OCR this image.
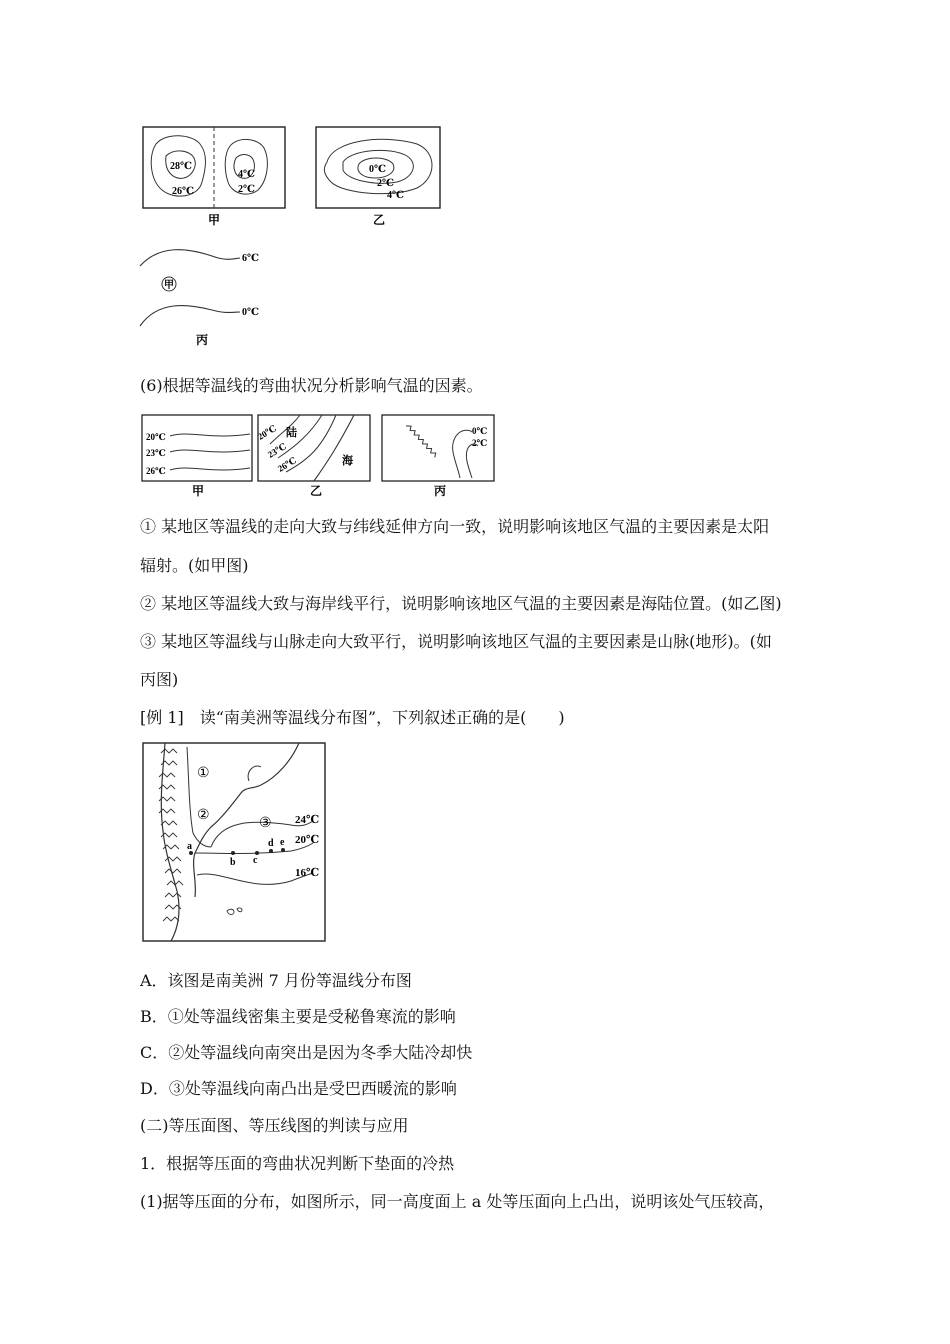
28℃
26℃
4℃
2℃
甲
0℃
2℃
4℃
乙
甲
6℃
0℃
丙
(6)根据等温线的弯曲状况分析影响气温的因素。
20℃
23℃
26℃
甲
20℃
23℃
26℃
陆
海
乙
0℃
2℃
丙
① 某地区等温线的走向大致与纬线延伸方向一致，说明影响该地区气温的主要因素是太阳
辐射。(如甲图)
② 某地区等温线大致与海岸线平行，说明影响该地区气温的主要因素是海陆位置。(如乙图)
③ 某地区等温线与山脉走向大致平行，说明影响该地区气温的主要因素是山脉(地形)。(如
丙图)
[例 1]　读“南美洲等温线分布图”，下列叙述正确的是(　　)
①
②
③ 24℃
20℃
16℃
a
b c
d e
A．该图是南美洲 7 月份等温线分布图
B．①处等温线密集主要是受秘鲁寒流的影响
C．②处等温线向南突出是因为冬季大陆冷却快
D．③处等温线向南凸出是受巴西暖流的影响
(二)等压面图、等压线图的判读与应用
1．根据等压面的弯曲状况判断下垫面的冷热
(1)据等压面的分布，如图所示，同一高度面上 a 处等压面向上凸出，说明该处气压较高，
